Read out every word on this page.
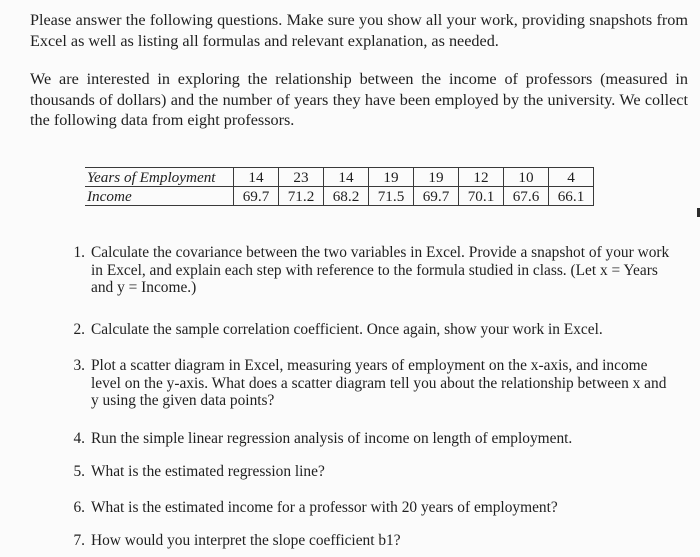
Please answer the following questions. Make sure you show all your work, providing snapshots from Excel as well as listing all formulas and relevant explanation, as needed.

We are interested in exploring the relationship between the income of professors (measured in thousands of dollars) and the number of years they have been employed by the university. We collect the following data from eight professors.

Years of Employment	14	23	14	19	19	12	10	4
Income	69.7	71.2	68.2	71.5	69.7	70.1	67.6	66.1
1. Calculate the covariance between the two variables in Excel. Provide a snapshot of your work in Excel, and explain each step with reference to the formula studied in class. (Let x = Years and y = Income.)
2. Calculate the sample correlation coefficient. Once again, show your work in Excel.
3. Plot a scatter diagram in Excel, measuring years of employment on the x-axis, and income level on the y-axis. What does a scatter diagram tell you about the relationship between x and y using the given data points?
4. Run the simple linear regression analysis of income on length of employment.
5. What is the estimated regression line?
6. What is the estimated income for a professor with 20 years of employment?
7. How would you interpret the slope coefficient b1?
